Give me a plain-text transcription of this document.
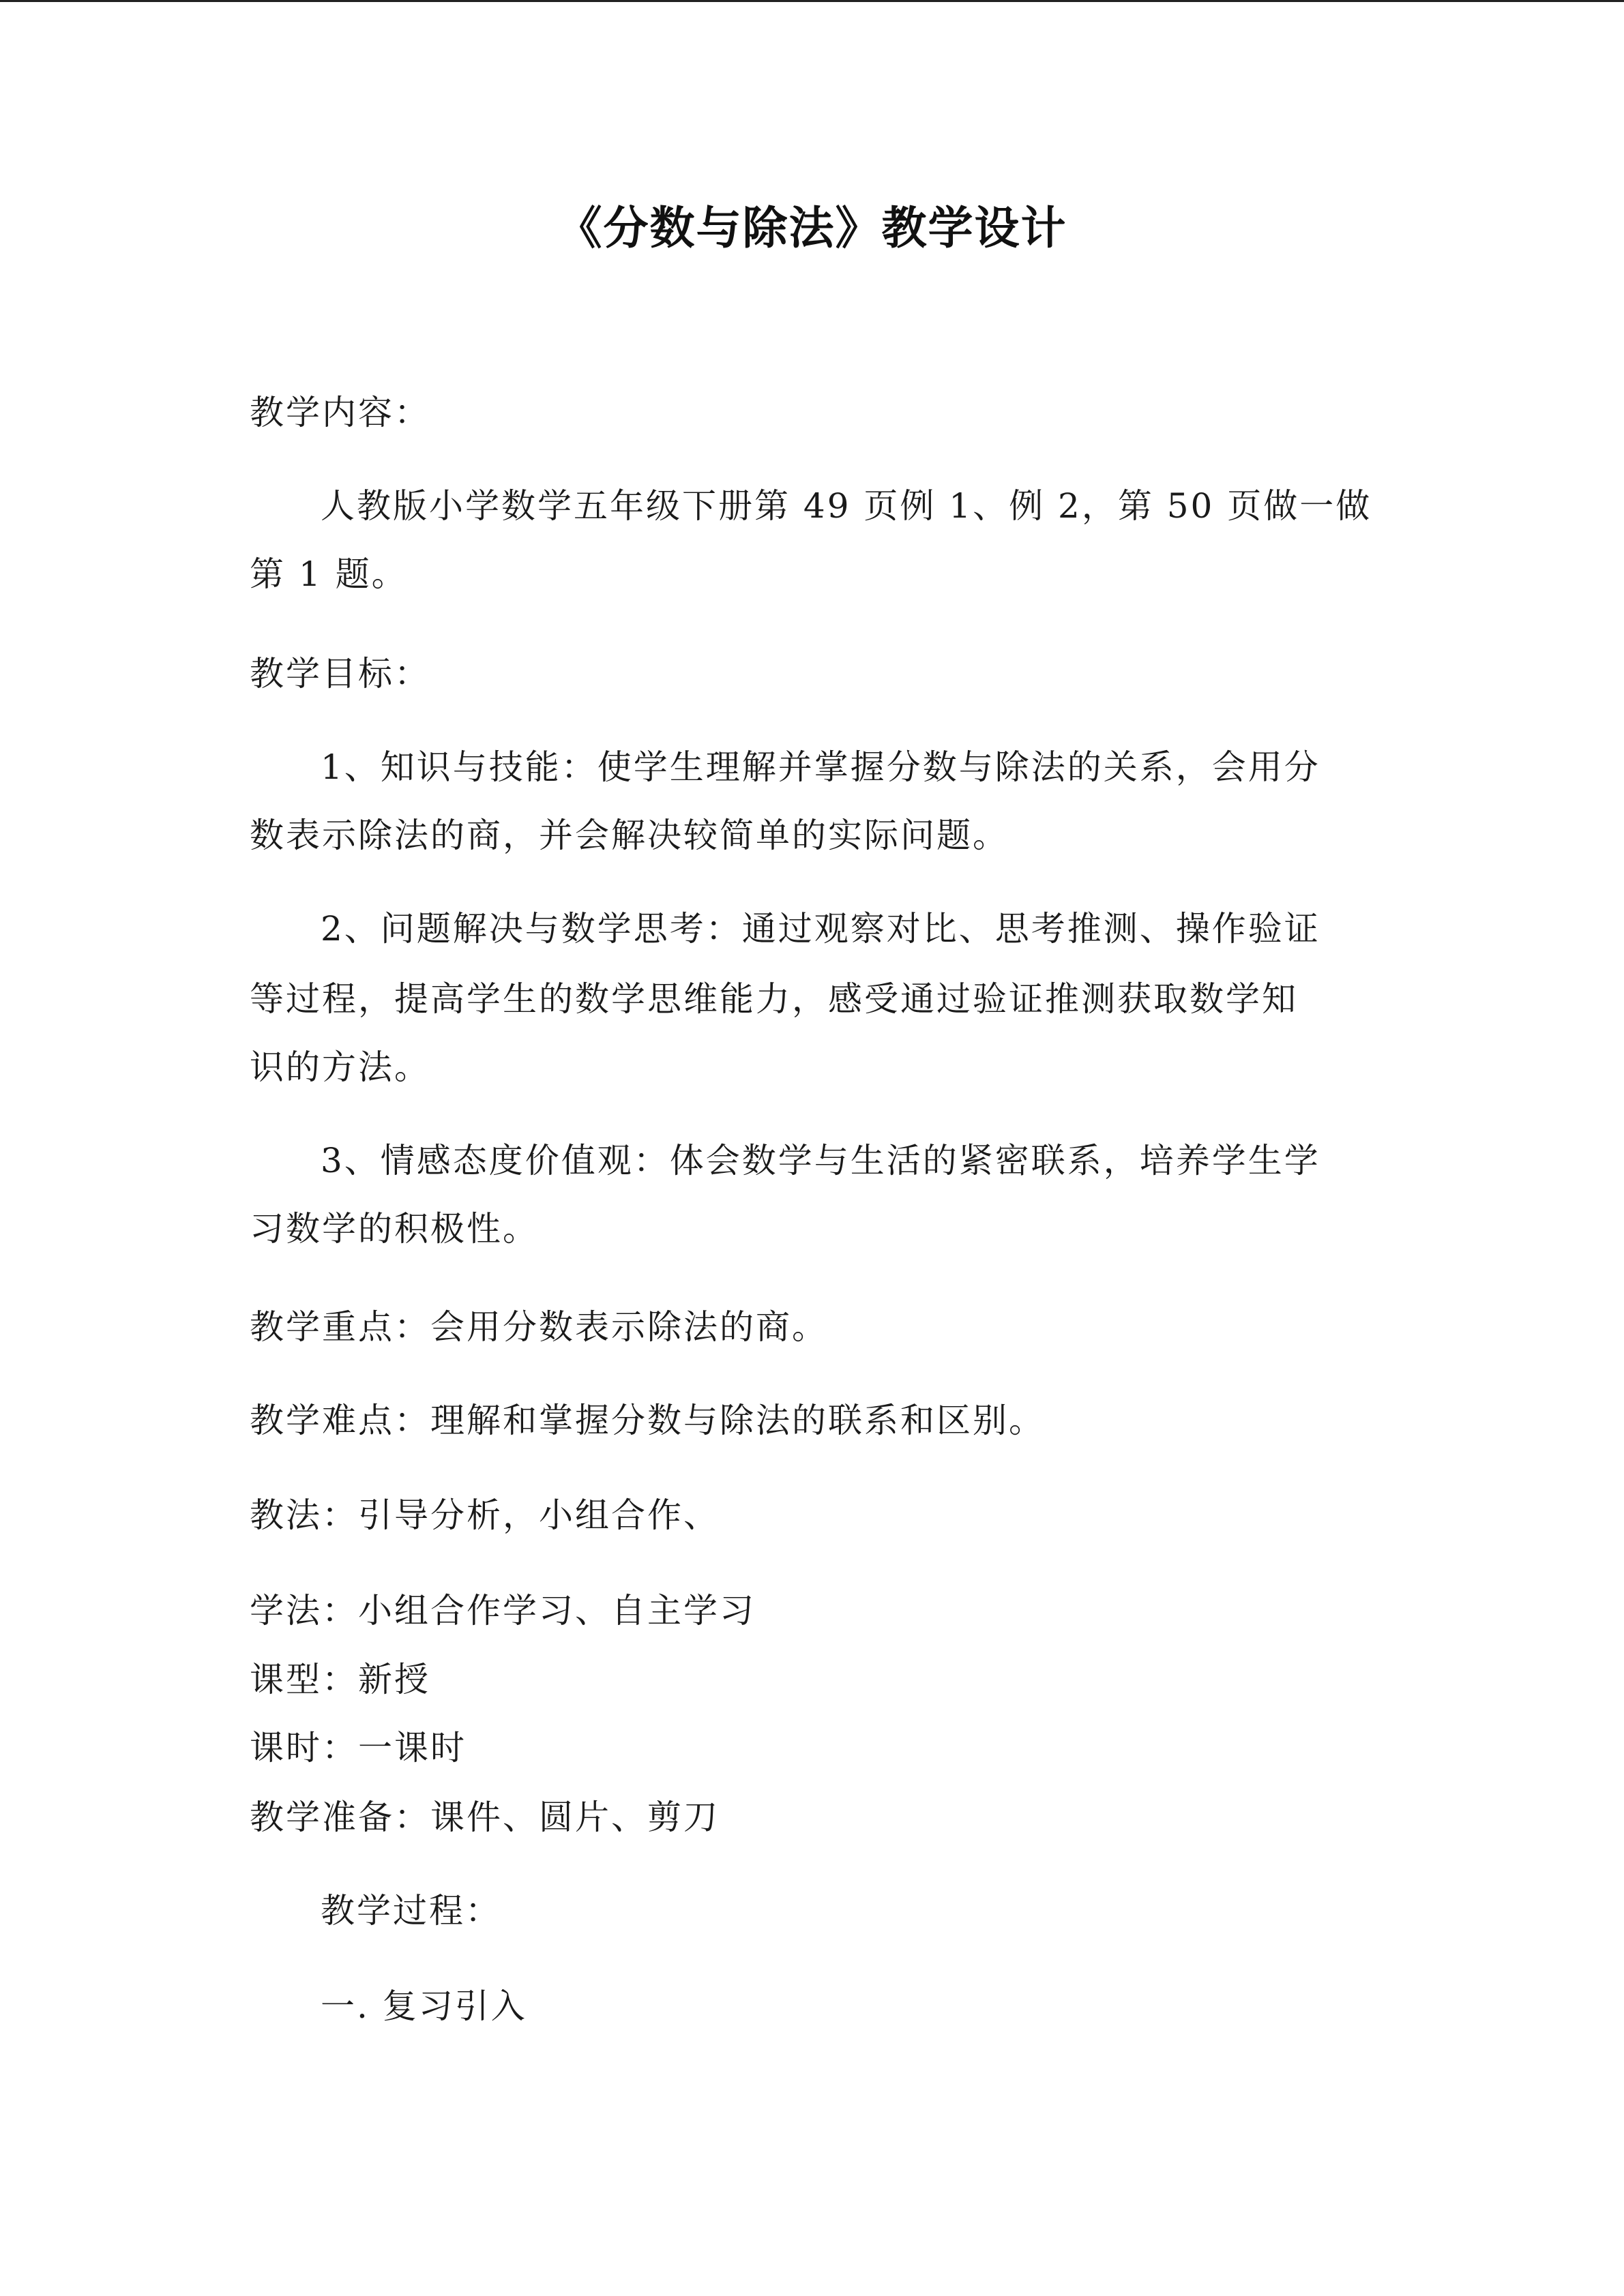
《分数与除法》教学设计
教学内容：
人教版小学数学五年级下册第 49 页例 1、例 2，第 50 页做一做
第 1 题。
教学目标：
1、知识与技能：使学生理解并掌握分数与除法的关系，会用分
数表示除法的商，并会解决较简单的实际问题。
2、问题解决与数学思考：通过观察对比、思考推测、操作验证
等过程，提高学生的数学思维能力，感受通过验证推测获取数学知
识的方法。
3、情感态度价值观：体会数学与生活的紧密联系，培养学生学
习数学的积极性。
教学重点：会用分数表示除法的商。
教学难点：理解和掌握分数与除法的联系和区别。
教法：引导分析，小组合作、
学法：小组合作学习、自主学习
课型：新授
课时：一课时
教学准备：课件、圆片、剪刀
教学过程：
一. 复习引入
